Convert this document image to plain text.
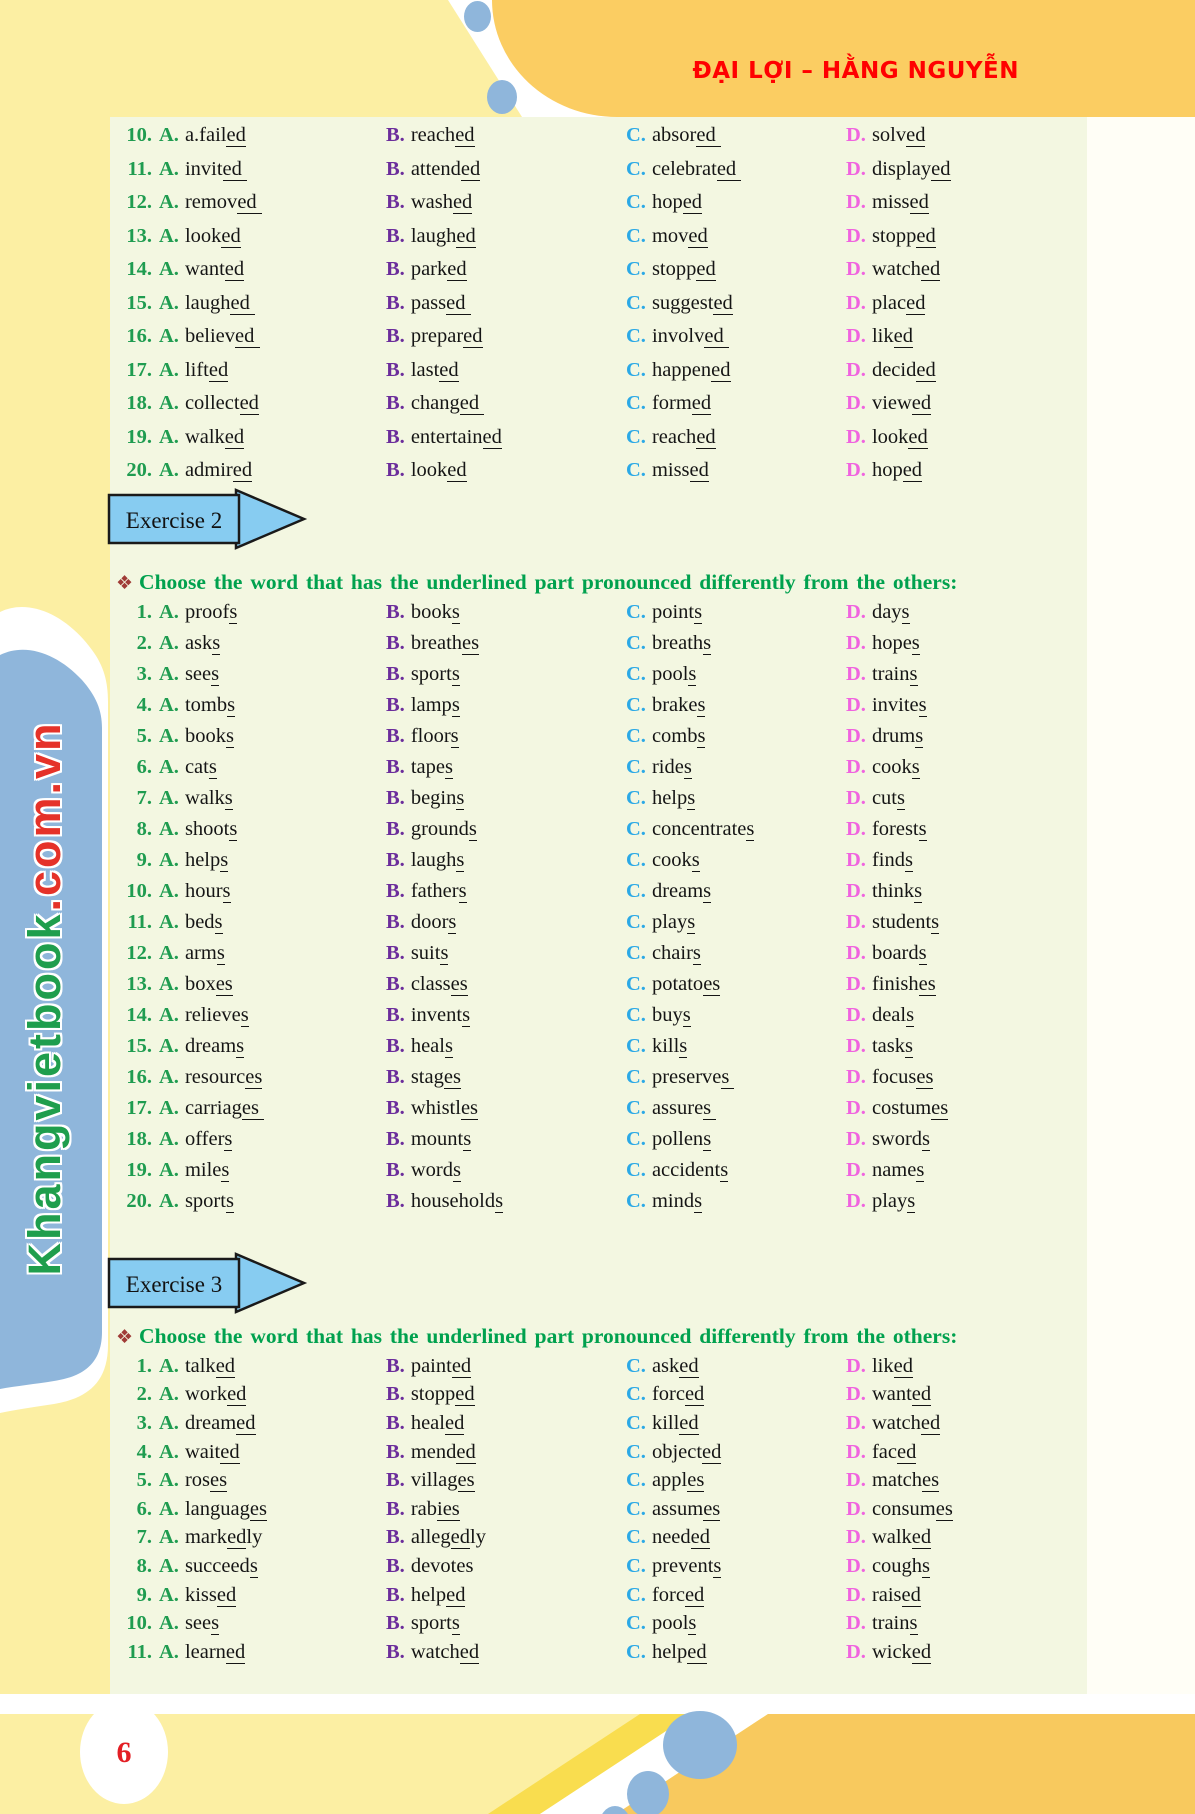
ĐẠI LỢI – HẰNG NGUYỄN
Khangvietbook.com.vn
10. A. a.failed	B. reached	C. absored	D. solved
11. A. invited	B. attended	C. celebrated	D. displayed
12. A. removed	B. washed	C. hoped	D. missed
13. A. looked	B. laughed	C. moved	D. stopped
14. A. wanted	B. parked	C. stopped	D. watched
15. A. laughed	B. passed	C. suggested	D. placed
16. A. believed	B. prepared	C. involved	D. liked
17. A. lifted	B. lasted	C. happened	D. decided
18. A. collected	B. changed	C. formed	D. viewed
19. A. walked	B. entertained	C. reached	D. looked
20. A. admired	B. looked	C. missed	D. hoped
Exercise 2
❖ Choose the word that has the underlined part pronounced differently from the others:
1. A. proofs	B. books	C. points	D. days
2. A. asks	B. breathes	C. breaths	D. hopes
3. A. sees	B. sports	C. pools	D. trains
4. A. tombs	B. lamps	C. brakes	D. invites
5. A. books	B. floors	C. combs	D. drums
6. A. cats	B. tapes	C. rides	D. cooks
7. A. walks	B. begins	C. helps	D. cuts
8. A. shoots	B. grounds	C. concentrates	D. forests
9. A. helps	B. laughs	C. cooks	D. finds
10. A. hours	B. fathers	C. dreams	D. thinks
11. A. beds	B. doors	C. plays	D. students
12. A. arms	B. suits	C. chairs	D. boards
13. A. boxes	B. classes	C. potatoes	D. finishes
14. A. relieves	B. invents	C. buys	D. deals
15. A. dreams	B. heals	C. kills	D. tasks
16. A. resources	B. stages	C. preserves	D. focuses
17. A. carriages	B. whistles	C. assures	D. costumes
18. A. offers	B. mounts	C. pollens	D. swords
19. A. miles	B. words	C. accidents	D. names
20. A. sports	B. households	C. minds	D. plays
Exercise 3
❖ Choose the word that has the underlined part pronounced differently from the others:
1. A. talked	B. painted	C. asked	D. liked
2. A. worked	B. stopped	C. forced	D. wanted
3. A. dreamed	B. healed	C. killed	D. watched
4. A. waited	B. mended	C. objected	D. faced
5. A. roses	B. villages	C. apples	D. matches
6. A. languages	B. rabies	C. assumes	D. consumes
7. A. markedly	B. allegedly	C. needed	D. walked
8. A. succeeds	B. devotes	C. prevents	D. coughs
9. A. kissed	B. helped	C. forced	D. raised
10. A. sees	B. sports	C. pools	D. trains
11. A. learned	B. watched	C. helped	D. wicked
6
